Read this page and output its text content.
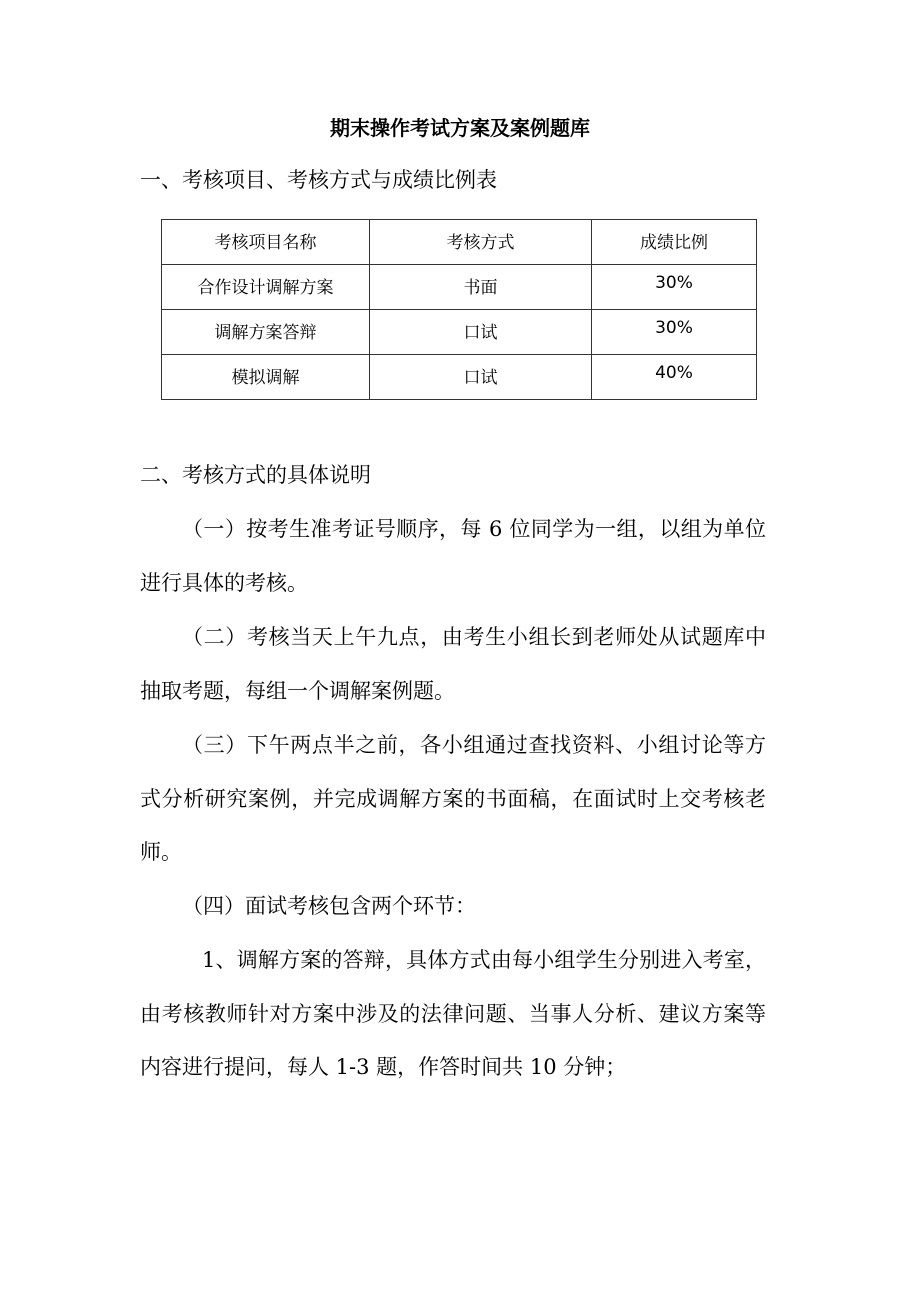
期末操作考试方案及案例题库
一、考核项目、考核方式与成绩比例表
考核项目名称	考核方式	成绩比例
合作设计调解方案	书面	30%
调解方案答辩	口试	30%
模拟调解	口试	40%
二、考核方式的具体说明
（一）按考生准考证号顺序，每 6 位同学为一组，以组为单位进行具体的考核。
（二）考核当天上午九点，由考生小组长到老师处从试题库中抽取考题，每组一个调解案例题。
（三）下午两点半之前，各小组通过查找资料、小组讨论等方式分析研究案例，并完成调解方案的书面稿，在面试时上交考核老师。
（四）面试考核包含两个环节：
1、调解方案的答辩，具体方式由每小组学生分别进入考室，由考核教师针对方案中涉及的法律问题、当事人分析、建议方案等内容进行提问，每人 1-3 题，作答时间共 10 分钟；
